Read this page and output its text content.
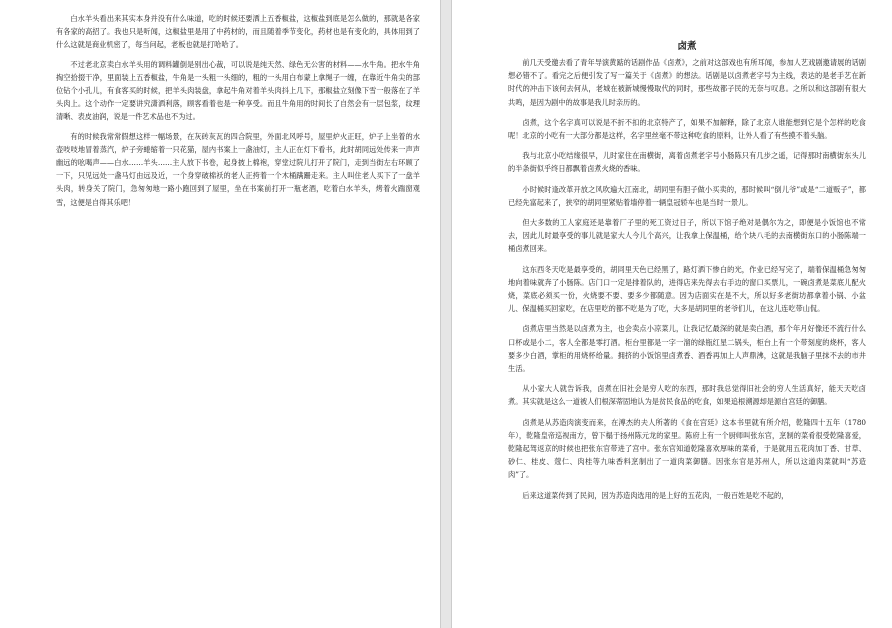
白水羊头看出来其实本身并没有什么味道，吃的时候还要洒上五香椒盐，这椒盐到底是怎么做的，那就是各家有各家的高招了。我也只是听闻，这椒盐里是用了中药材的，而且随着季节变化，药材也是有变化的，具体用到了什么这就是商业机密了，每当问起，老板也就是打哈哈了。

不过老北京卖白水羊头用的调料罐倒是别出心裁，可以说是纯天然、绿色无公害的材料——水牛角。把水牛角掏空拾掇干净，里面装上五香椒盐，牛角是一头粗一头细的，粗的一头用白布蒙上拿绳子一缠，在靠近牛角尖的部位钻个小孔儿，有食客买的时候，把羊头肉装盘，拿起牛角对着羊头肉抖上几下，那椒盐立刻像下雪一般落在了羊头肉上。这个动作一定要讲究潇洒利落，顾客看着也是一种享受。而且牛角用的时间长了自然会有一层包浆，纹理清晰、表皮油润，说是一件艺术品也不为过。

有的时候我常常假想这样一幅场景，在灰砖灰瓦的四合院里，外面北风呼号，屋里炉火正旺，炉子上坐着的水壶吱吱地冒着蒸汽，炉子旁蜷缩着一只花猫，屋内书案上一盏油灯，主人正在灯下看书，此时胡同远处传来一声声幽远的吆喝声——白水……羊头……主人放下书卷，起身披上棉袍，穿堂过院儿打开了院门，走到当街左右环顾了一下，只见远处一盏马灯由远及近，一个身穿破棉袄的老人正挎着一个木桶蹒跚走来。主人叫住老人买下了一盘羊头肉，转身关了院门，急匆匆地一路小跑回到了屋里，坐在书案前打开一瓶老酒，吃着白水羊头，烤着火踹窗观雪，这便是自得其乐吧！

卤煮

前几天受邀去看了青年导演黄踮的话剧作品《卤煮》，之前对这部戏也有所耳闻，参加人艺戏剧邀请展的话剧想必错不了。看完之后便引发了写一篇关于《卤煮》的想法。话剧是以卤煮老字号为主线，表达的是老手艺在新时代的冲击下该何去何从，老城在被新城慢慢取代的同时，那些故都子民的无奈与叹息。之所以和这部剧有很大共鸣，是因为剧中的故事是我儿时亲历的。

卤煮，这个名字真可以说是不折不扣的北京特产了，如果不加解释，除了北京人谁能想到它是个怎样的吃食呢！北京的小吃有一大部分都是这样，名字里丝毫不带这种吃食的原料，让外人看了有些摸不着头脑。

我与北京小吃结缘很早，儿时家住在南横街，离着卤煮老字号小肠陈只有几步之遥，记得那时南横街东头儿的半条街似乎终日都飘着卤煮火烧的香味。

小时候时逢改革开放之风吹遍大江南北，胡同里有胆子做小买卖的，那时候叫“倒儿爷”或是“二道贩子”，都已经先富起来了，狭窄的胡同里紧贴着墙停着一辆皇冠轿车也是当时一景儿。

但大多数的工人家庭还是靠着厂子里的死工资过日子，所以下馆子绝对是偶尔为之，即便是小饭馆也不常去，因此儿时最享受的事儿就是家大人今儿个高兴，让我拿上保温桶，给个块八毛的去南横街东口的小肠陈端一桶卤煮回来。

这东西冬天吃是最享受的，胡同里天色已经黑了，路灯洒下惨白的光，作业已经写完了，端着保温桶急匆匆地向着味就奔了小肠陈。店门口一定是排着队的，进得店来先得去右手边的窗口买票儿，一碗卤煮是菜底儿配火烧，菜底必须买一份，火烧要不要、要多少都随意。因为店面实在是不大，所以好多老街坊都拿着小锅、小盆儿、保温桶买回家吃，在店里吃的都不吃是为了吃，大多是胡同里的老爷们儿，在这儿连吃带山侃。

卤煮店里当然是以卤煮为主，也会卖点小凉菜儿，让我记忆最深的就是卖白酒，那个年月好像还不流行什么口杯或是小二，客人全都是零打酒。柜台里都是一字一溜的绿瓶红星二锅头，柜台上有一个带刻度的烧杯，客人要多少白酒，掌柜的用烧杯给量。拥挤的小饭馆里卤煮香、酒香再加上人声鼎沸，这就是我脑子里抹不去的市井生活。

从小家大人就告诉我，卤煮在旧社会是穷人吃的东西，那时我总觉得旧社会的穷人生活真好，能天天吃卤煮。其实就是这么一道被人们根深蒂固地认为是贫民食品的吃食，如果追根溯源却是源自宫廷的御膳。

卤煮是从苏造肉演变而来，在溥杰的夫人所著的《食在宫廷》这本书里就有所介绍，乾隆四十五年（1780年），乾隆皇帝巡视南方，曾下榻于扬州陈元龙的家里。陈府上有一个厨师叫张东官，烹制的菜肴很受乾隆喜爱，乾隆起驾返京的时候也把张东官带进了宫中。张东官知道乾隆喜欢厚味的菜肴，于是就用五花肉加丁香、甘草、砂仁、桂皮、蔻仁、肉桂等九味香料烹制出了一道肉菜御膳。因张东官是苏州人，所以这道肉菜就叫“苏造肉”了。

后来这道菜传到了民间，因为苏造肉选用的是上好的五花肉，一般百姓是吃不起的，
